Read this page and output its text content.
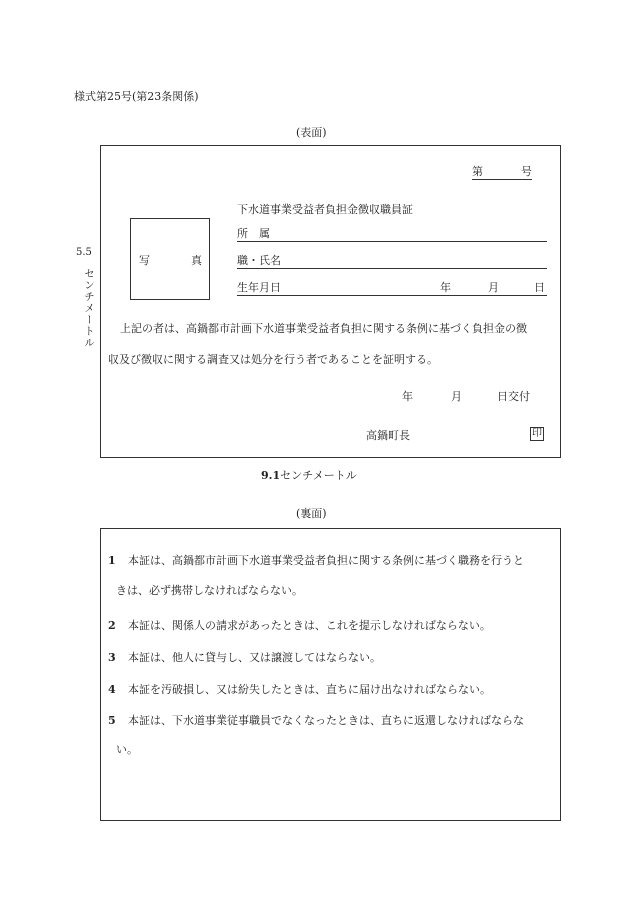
様式第25号(第23条関係)
(表面)
5.5
センチメートル
第	号
下水道事業受益者負担金徴収職員証
写	真
所　属
職・氏名
生年月日	年	月	日
上記の者は、高鍋都市計画下水道事業受益者負担に関する条例に基づく負担金の徴
収及び徴収に関する調査又は処分を行う者であることを証明する。
年	月	日交付
高鍋町長	印
9.1センチメートル
(裏面)
1 本証は、高鍋都市計画下水道事業受益者負担に関する条例に基づく職務を行うと
きは、必ず携帯しなければならない。
2 本証は、関係人の請求があったときは、これを提示しなければならない。
3 本証は、他人に貸与し、又は譲渡してはならない。
4 本証を汚破損し、又は紛失したときは、直ちに届け出なければならない。
5 本証は、下水道事業従事職員でなくなったときは、直ちに返還しなければならな
い。
